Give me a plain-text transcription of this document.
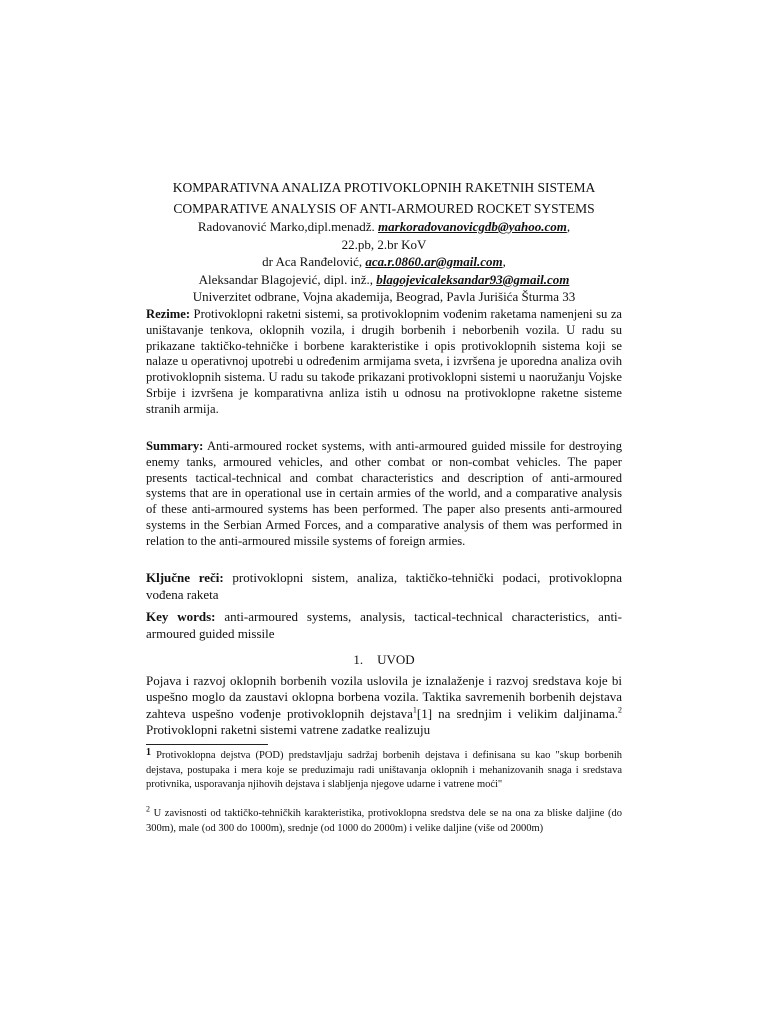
KOMPARATIVNA ANALIZA PROTIVOKLOPNIH RAKETNIH SISTEMA
COMPARATIVE ANALYSIS OF ANTI-ARMOURED ROCKET SYSTEMS
Radovanović Marko,dipl.menadž. markoradovanovicgdb@yahoo.com,
22.pb, 2.br KoV
dr Aca Ranđelović, aca.r.0860.ar@gmail.com,
Aleksandar Blagojević, dipl. inž., blagojevicaleksandar93@gmail.com
Univerzitet odbrane, Vojna akademija, Beograd, Pavla Jurišića Šturma 33
Rezime: Protivoklopni raketni sistemi, sa protivoklopnim vođenim raketama namenjeni su za uništavanje tenkova, oklopnih vozila, i drugih borbenih i neborbenih vozila. U radu su prikazane taktičko-tehničke i borbene karakteristike i opis protivoklopnih sistema koji se nalaze u operativnoj upotrebi u određenim armijama sveta, i izvršena je uporedna analiza ovih protivoklopnih sistema. U radu su takođe prikazani protivoklopni sistemi u naoružanju Vojske Srbije i izvršena je komparativna anliza istih u odnosu na protivoklopne raketne sisteme stranih armija.
Summary: Anti-armoured rocket systems, with anti-armoured guided missile for destroying enemy tanks, armoured vehicles, and other combat or non-combat vehicles. The paper presents tactical-technical and combat characteristics and description of anti-armoured systems that are in operational use in certain armies of the world, and a comparative analysis of these anti-armoured systems has been performed. The paper also presents anti-armoured systems in the Serbian Armed Forces, and a comparative analysis of them was performed in relation to the anti-armoured missile systems of foreign armies.
Ključne reči: protivoklopni sistem, analiza, taktičko-tehnički podaci, protivoklopna vođena raketa
Key words: anti-armoured systems, analysis, tactical-technical characteristics, anti-armoured guided missile
1. UVOD
Pojava i razvoj oklopnih borbenih vozila uslovila je iznalaženje i razvoj sredstava koje bi uspešno moglo da zaustavi oklopna borbena vozila. Taktika savremenih borbenih dejstava zahteva uspešno vođenje protivoklopnih dejstava$^1$[1] na srednjim i velikim daljinama.$^2$ Protivoklopni raketni sistemi vatrene zadatke realizuju
$^1$ Protivoklopna dejstva (POD) predstavljaju sadržaj borbenih dejstava i definisana su kao "skup borbenih dejstava, postupaka i mera koje se preduzimaju radi uništavanja oklopnih i mehanizovanih snaga i sredstava protivnika, usporavanja njihovih dejstava i slabljenja njegove udarne i vatrene moći"
$^2$ U zavisnosti od taktičko-tehničkih karakteristika, protivoklopna sredstva dele se na ona za bliske daljine (do 300m), male (od 300 do 1000m), srednje (od 1000 do 2000m) i velike daljine (više od 2000m)
